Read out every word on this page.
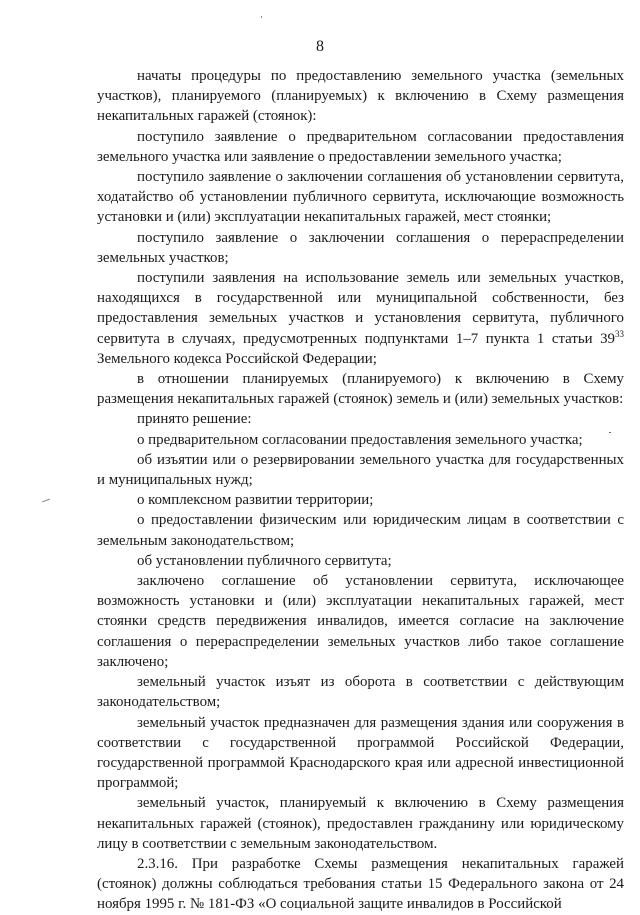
8

начаты процедуры по предоставлению земельного участка (земельных участков), планируемого (планируемых) к включению в Схему размещения некапитальных гаражей (стоянок):

поступило заявление о предварительном согласовании предоставления земельного участка или заявление о предоставлении земельного участка;

поступило заявление о заключении соглашения об установлении сервитута, ходатайство об установлении публичного сервитута, исключающие возможность установки и (или) эксплуатации некапитальных гаражей, мест стоянки;

поступило заявление о заключении соглашения о перераспределении земельных участков;

поступили заявления на использование земель или земельных участков, находящихся в государственной или муниципальной собственности, без предоставления земельных участков и установления сервитута, публичного сервитута в случаях, предусмотренных подпунктами 1–7 пункта 1 статьи $39^{33}$ Земельного кодекса Российской Федерации;

в отношении планируемых (планируемого) к включению в Схему размещения некапитальных гаражей (стоянок) земель и (или) земельных участков:

принято решение:

о предварительном согласовании предоставления земельного участка;

об изъятии или о резервировании земельного участка для государственных и муниципальных нужд;

о комплексном развитии территории;

о предоставлении физическим или юридическим лицам в соответствии с земельным законодательством;

об установлении публичного сервитута;

заключено соглашение об установлении сервитута, исключающее возможность установки и (или) эксплуатации некапитальных гаражей, мест стоянки средств передвижения инвалидов, имеется согласие на заключение соглашения о перераспределении земельных участков либо такое соглашение заключено;

земельный участок изъят из оборота в соответствии с действующим законодательством;

земельный участок предназначен для размещения здания или сооружения в соответствии с государственной программой Российской Федерации, государственной программой Краснодарского края или адресной инвестиционной программой;

земельный участок, планируемый к включению в Схему размещения некапитальных гаражей (стоянок), предоставлен гражданину или юридическому лицу в соответствии с земельным законодательством.

2.3.16. При разработке Схемы размещения некапитальных гаражей (стоянок) должны соблюдаться требования статьи 15 Федерального закона от 24 ноября 1995 г. № 181-ФЗ «О социальной защите инвалидов в Российской
